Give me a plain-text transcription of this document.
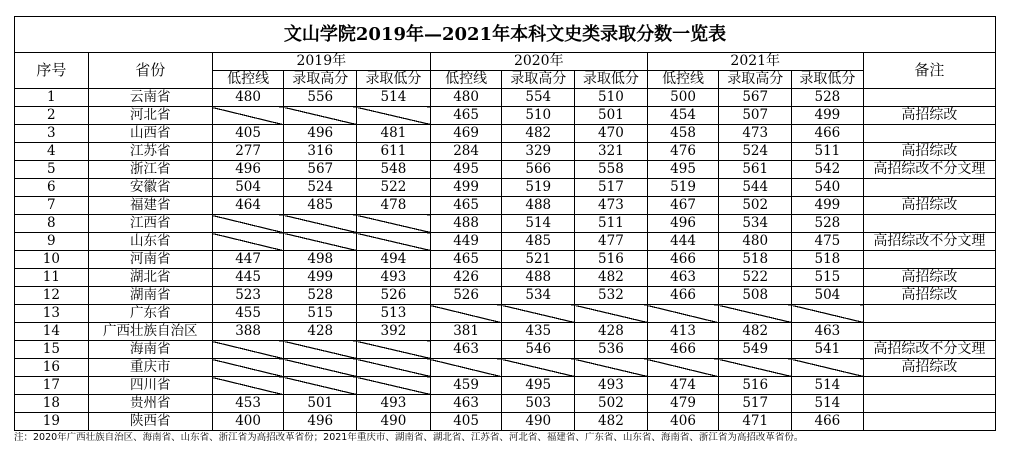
文山学院2019年—2021年本科文史类录取分数一览表
序号	省份	2019年			2020年			2021年			备注
		低控线	录取高分	录取低分	低控线	录取高分	录取低分	低控线	录取高分	录取低分	
1	云南省	480	556	514	480	554	510	500	567	528	
2	河北省				465	510	501	454	507	499	高招综改
3	山西省	405	496	481	469	482	470	458	473	466	
4	江苏省	277	316	611	284	329	321	476	524	511	高招综改
5	浙江省	496	567	548	495	566	558	495	561	542	高招综改不分文理
6	安徽省	504	524	522	499	519	517	519	544	540	
7	福建省	464	485	478	465	488	473	467	502	499	高招综改
8	江西省				488	514	511	496	534	528	
9	山东省				449	485	477	444	480	475	高招综改不分文理
10	河南省	447	498	494	465	521	516	466	518	518	
11	湖北省	445	499	493	426	488	482	463	522	515	高招综改
12	湖南省	523	528	526	526	534	532	466	508	504	高招综改
13	广东省	455	515	513							
14	广西壮族自治区	388	428	392	381	435	428	413	482	463	
15	海南省				463	546	536	466	549	541	高招综改不分文理
16	重庆市										高招综改
17	四川省				459	495	493	474	516	514	
18	贵州省	453	501	493	463	503	502	479	517	514	
19	陕西省	400	496	490	405	490	482	406	471	466	
注：2020年广西壮族自治区、海南省、山东省、浙江省为高招改革省份；2021年重庆市、湖南省、湖北省、江苏省、河北省、福建省、广东省、山东省、海南省、浙江省为高招改革省份。
